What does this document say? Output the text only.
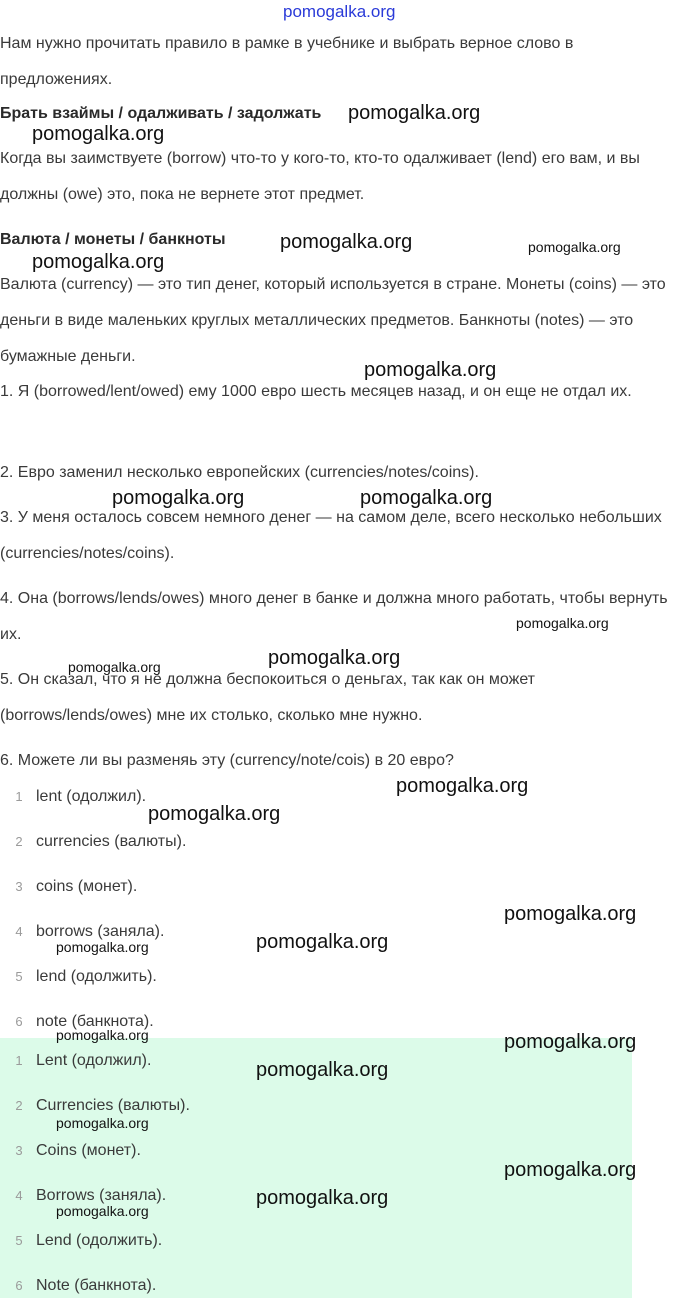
pomogalka.org

Нам нужно прочитать правило в рамке в учебнике и выбрать верное слово в предложениях.

Брать взаймы / одалживать / задолжать

Когда вы заимствуете (borrow) что-то у кого-то, кто-то одалживает (lend) его вам, и вы должны (owe) это, пока не вернете этот предмет.

Валюта / монеты / банкноты

Валюта (currency) — это тип денег, который используется в стране. Монеты (coins) — это деньги в виде маленьких круглых металлических предметов. Банкноты (notes) — это бумажные деньги.

1. Я (borrowed/lent/owed) ему 1000 евро шесть месяцев назад, и он еще не отдал их.

2. Евро заменил несколько европейских (currencies/notes/coins).

3. У меня осталось совсем немного денег — на самом деле, всего несколько небольших (currencies/notes/coins).

4. Она (borrows/lends/owes) много денег в банке и должна много работать, чтобы вернуть их.

5. Он сказал, что я не должна беспокоиться о деньгах, так как он может (borrows/lends/owes) мне их столько, сколько мне нужно.

6. Можете ли вы разменяь эту (currency/note/cois) в 20 евро?

1 lent (одолжил).
2 currencies (валюты).
3 coins (монет).
4 borrows (заняла).
5 lend (одолжить).
6 note (банкнота).
1 Lent (одолжил).
2 Currencies (валюты).
3 Coins (монет).
4 Borrows (заняла).
5 Lend (одолжить).
6 Note (банкнота).
pomogalka.org
pomogalka.org
pomogalka.org	pomogalka.org
pomogalka.org
pomogalka.org
pomogalka.org	pomogalka.org
pomogalka.org
pomogalka.org
pomogalka.org
pomogalka.org
pomogalka.org
pomogalka.org
pomogalka.org
pomogalka.org
pomogalka.org	pomogalka.org
pomogalka.org
pomogalka.org
pomogalka.org
pomogalka.org
pomogalka.org
